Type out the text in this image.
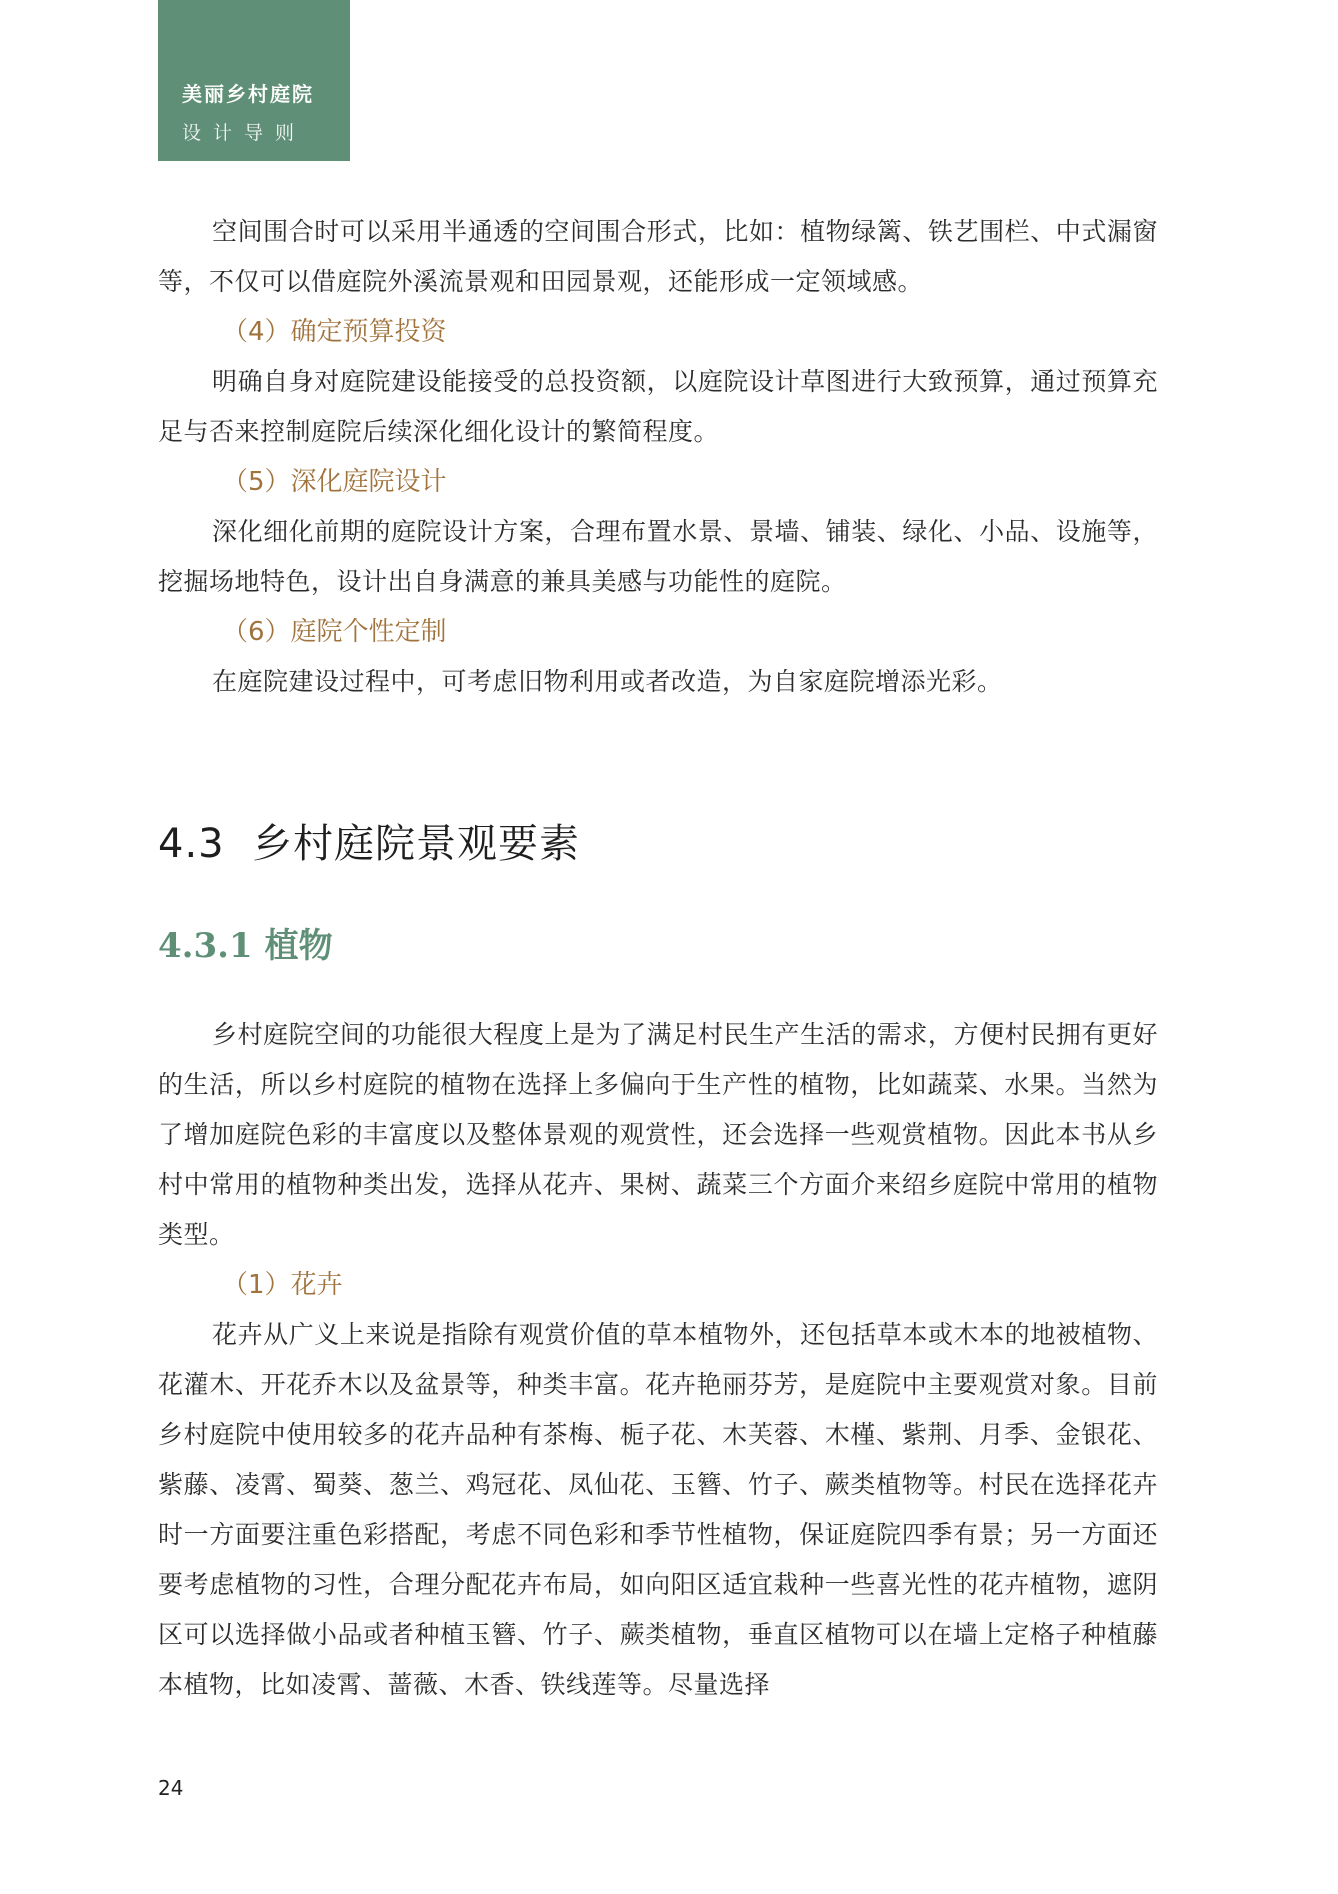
美丽乡村庭院
设计导则

空间围合时可以采用半通透的空间围合形式，比如：植物绿篱、铁艺围栏、中式漏窗等，不仅可以借庭院外溪流景观和田园景观，还能形成一定领域感。

（4）确定预算投资

明确自身对庭院建设能接受的总投资额，以庭院设计草图进行大致预算，通过预算充足与否来控制庭院后续深化细化设计的繁简程度。

（5）深化庭院设计

深化细化前期的庭院设计方案，合理布置水景、景墙、铺装、绿化、小品、设施等，挖掘场地特色，设计出自身满意的兼具美感与功能性的庭院。

（6）庭院个性定制

在庭院建设过程中，可考虑旧物利用或者改造，为自家庭院增添光彩。

4.3 乡村庭院景观要素
4.3.1 植物

乡村庭院空间的功能很大程度上是为了满足村民生产生活的需求，方便村民拥有更好的生活，所以乡村庭院的植物在选择上多偏向于生产性的植物，比如蔬菜、水果。当然为了增加庭院色彩的丰富度以及整体景观的观赏性，还会选择一些观赏植物。因此本书从乡村中常用的植物种类出发，选择从花卉、果树、蔬菜三个方面介来绍乡庭院中常用的植物类型。

（1）花卉

花卉从广义上来说是指除有观赏价值的草本植物外，还包括草本或木本的地被植物、花灌木、开花乔木以及盆景等，种类丰富。花卉艳丽芬芳，是庭院中主要观赏对象。目前乡村庭院中使用较多的花卉品种有茶梅、栀子花、木芙蓉、木槿、紫荆、月季、金银花、紫藤、凌霄、蜀葵、葱兰、鸡冠花、凤仙花、玉簪、竹子、蕨类植物等。村民在选择花卉时一方面要注重色彩搭配，考虑不同色彩和季节性植物，保证庭院四季有景；另一方面还要考虑植物的习性，合理分配花卉布局，如向阳区适宜栽种一些喜光性的花卉植物，遮阴区可以选择做小品或者种植玉簪、竹子、蕨类植物，垂直区植物可以在墙上定格子种植藤本植物，比如凌霄、蔷薇、木香、铁线莲等。尽量选择

24
